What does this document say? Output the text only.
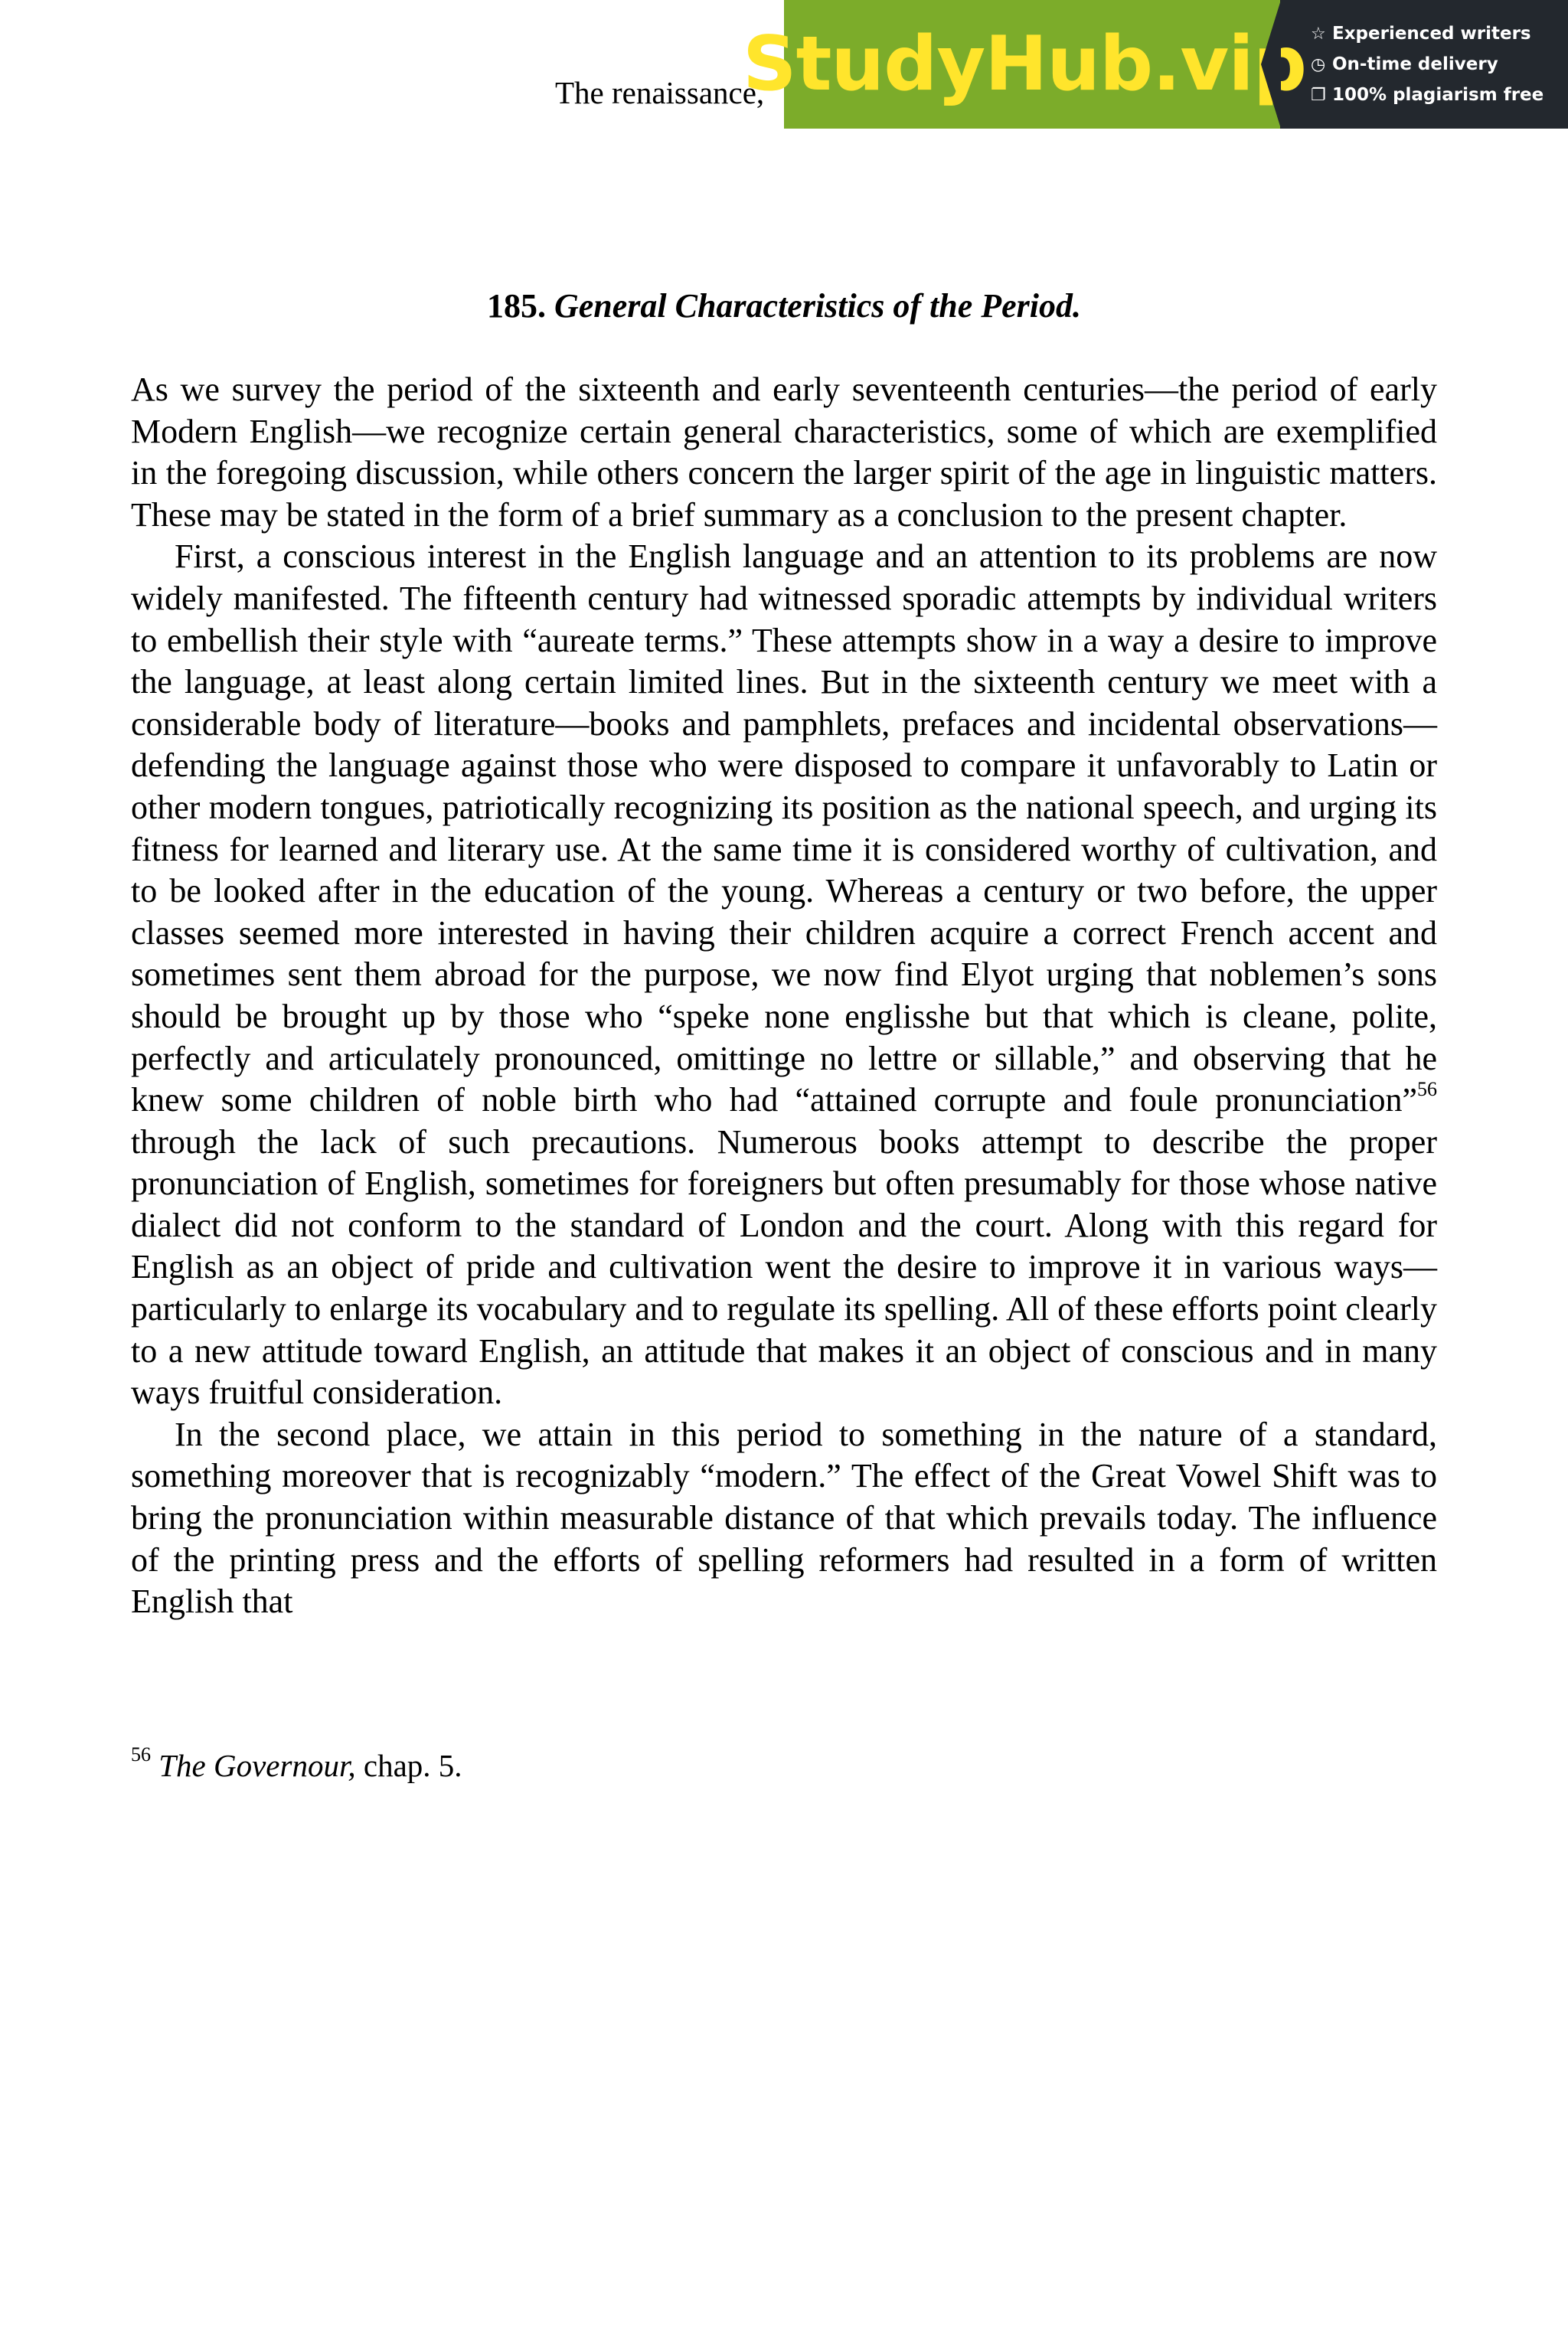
The renaissance,
StudyHub.vip ☆ Experienced writers
◷ On-time delivery
❐ 100% plagiarism free
185. General Characteristics of the Period.

As we survey the period of the sixteenth and early seventeenth centuries—the period of early Modern English—we recognize certain general characteristics, some of which are exemplified in the foregoing discussion, while others concern the larger spirit of the age in linguistic matters. These may be stated in the form of a brief summary as a conclusion to the present chapter.

First, a conscious interest in the English language and an attention to its problems are now widely manifested. The fifteenth century had witnessed sporadic attempts by individual writers to embellish their style with “aureate terms.” These attempts show in a way a desire to improve the language, at least along certain limited lines. But in the sixteenth century we meet with a considerable body of literature—books and pamphlets, prefaces and incidental observations—defending the language against those who were disposed to compare it unfavorably to Latin or other modern tongues, patriotically recognizing its position as the national speech, and urging its fitness for learned and literary use. At the same time it is considered worthy of cultivation, and to be looked after in the education of the young. Whereas a century or two before, the upper classes seemed more interested in having their children acquire a correct French accent and sometimes sent them abroad for the purpose, we now find Elyot urging that noblemen’s sons should be brought up by those who “speke none englisshe but that which is cleane, polite, perfectly and articulately pronounced, omittinge no lettre or sillable,” and observing that he knew some children of noble birth who had “attained corrupte and foule pronunciation”$^{56}$ through the lack of such precautions. Numerous books attempt to describe the proper pronunciation of English, sometimes for foreigners but often presumably for those whose native dialect did not conform to the standard of London and the court. Along with this regard for English as an object of pride and cultivation went the desire to improve it in various ways—particularly to enlarge its vocabulary and to regulate its spelling. All of these efforts point clearly to a new attitude toward English, an attitude that makes it an object of conscious and in many ways fruitful consideration.

In the second place, we attain in this period to something in the nature of a standard, something moreover that is recognizably “modern.” The effect of the Great Vowel Shift was to bring the pronunciation within measurable distance of that which prevails today. The influence of the printing press and the efforts of spelling reformers had resulted in a form of written English that

$^{56}$ The Governour, chap. 5.
